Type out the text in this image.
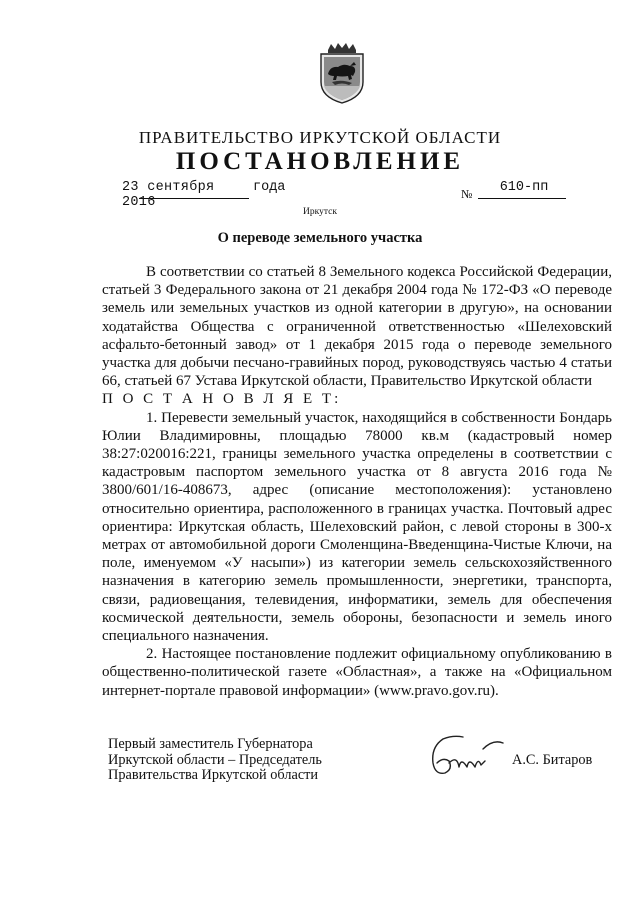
ПРАВИТЕЛЬСТВО ИРКУТСКОЙ ОБЛАСТИ
ПОСТАНОВЛЕНИЕ
23 сентября 2016
года	№	610-пп
Иркутск
О переводе земельного участка

В соответствии со статьей 8 Земельного кодекса Российской Федерации, статьей 3 Федерального закона от 21 декабря 2004 года № 172-ФЗ «О переводе земель или земельных участков из одной категории в другую», на основании ходатайства Общества с ограниченной ответственностью «Шелеховский асфальто-бетонный завод» от 1 декабря 2015 года о переводе земельного участка для добычи песчано-гравийных пород, руководствуясь частью 4 статьи 66, статьей 67 Устава Иркутской области, Правительство Иркутской области

П О С Т А Н О В Л Я Е Т:

1. Перевести земельный участок, находящийся в собственности Бондарь Юлии Владимировны, площадью 78000 кв.м (кадастровый номер 38:27:020016:221, границы земельного участка определены в соответствии с кадастровым паспортом земельного участка от 8 августа 2016 года № 3800/601/16-408673, адрес (описание местоположения): установлено относительно ориентира, расположенного в границах участка. Почтовый адрес ориентира: Иркутская область, Шелеховский район, с левой стороны в 300-х метрах от автомобильной дороги Смоленщина-Введенщина-Чистые Ключи, на поле, именуемом «У насыпи») из категории земель сельскохозяйственного назначения в категорию земель промышленности, энергетики, транспорта, связи, радиовещания, телевидения, информатики, земель для обеспечения космической деятельности, земель обороны, безопасности и земель иного специального назначения.

2. Настоящее постановление подлежит официальному опубликованию в общественно-политической газете «Областная», а также на «Официальном интернет-портале правовой информации» (www.pravo.gov.ru).

Первый заместитель Губернатора
Иркутской области – Председатель
Правительства Иркутской области
А.С. Битаров
